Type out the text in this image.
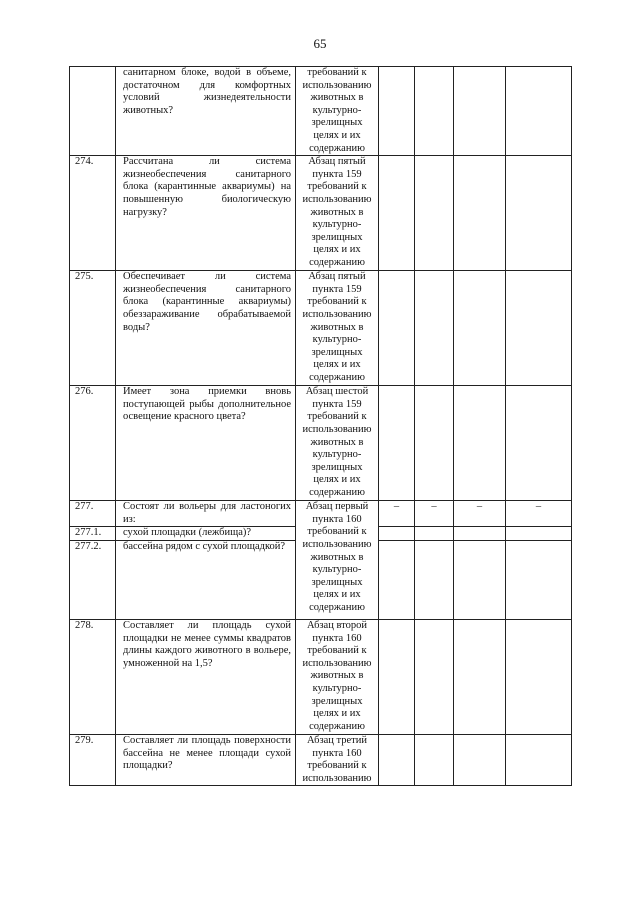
65
	санитарном блоке, водой в объеме, достаточном для комфортных условий жизнедеятельности животных?	требований к использованию животных в культурно-зрелищных целях и их содержанию				
274.	Рассчитана ли система жизнеобеспечения санитарного блока (карантинные аквариумы) на повышенную биологическую нагрузку?	Абзац пятый пункта 159 требований к использованию животных в культурно-зрелищных целях и их содержанию				
275.	Обеспечивает ли система жизнеобеспечения санитарного блока (карантинные аквариумы) обеззараживание обрабатываемой воды?	Абзац пятый пункта 159 требований к использованию животных в культурно-зрелищных целях и их содержанию				
276.	Имеет зона приемки вновь поступающей рыбы дополнительное освещение красного цвета?	Абзац шестой пункта 159 требований к использованию животных в культурно-зрелищных целях и их содержанию				
277.	Состоят ли вольеры для ластоногих из:	Абзац первый пункта 160 требований к использованию животных в культурно-зрелищных целях и их содержанию	–	–	–	–
277.1.	сухой площадки (лежбища)?					
277.2.	бассейна рядом с сухой площадкой?					
278.	Составляет ли площадь сухой площадки не менее суммы квадратов длины каждого животного в вольере, умноженной на 1,5?	Абзац второй пункта 160 требований к использованию животных в культурно-зрелищных целях и их содержанию				
279.	Составляет ли площадь поверхности бассейна не менее площади сухой площадки?	Абзац третий пункта 160 требований к использованию				
